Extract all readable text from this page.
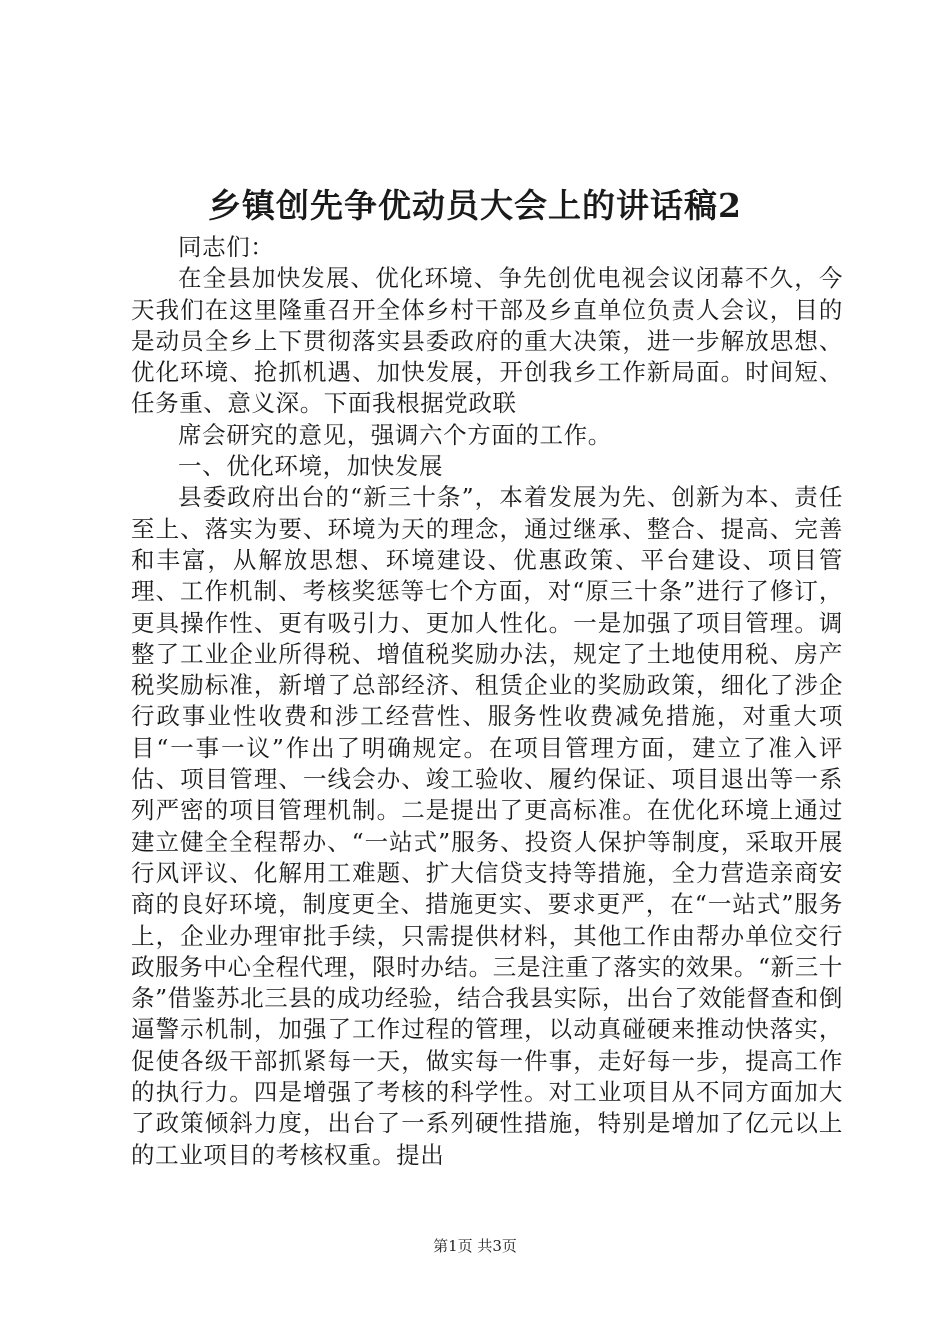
乡镇创先争优动员大会上的讲话稿2

同志们：

在全县加快发展、优化环境、争先创优电视会议闭幕不久，今天我们在这里隆重召开全体乡村干部及乡直单位负责人会议，目的是动员全乡上下贯彻落实县委政府的重大决策，进一步解放思想、优化环境、抢抓机遇、加快发展，开创我乡工作新局面。时间短、任务重、意义深。下面我根据党政联

席会研究的意见，强调六个方面的工作。

一、优化环境，加快发展

县委政府出台的“新三十条”，本着发展为先、创新为本、责任至上、落实为要、环境为天的理念，通过继承、整合、提高、完善和丰富，从解放思想、环境建设、优惠政策、平台建设、项目管理、工作机制、考核奖惩等七个方面，对“原三十条”进行了修订，更具操作性、更有吸引力、更加人性化。一是加强了项目管理。调整了工业企业所得税、增值税奖励办法，规定了土地使用税、房产税奖励标准，新增了总部经济、租赁企业的奖励政策，细化了涉企行政事业性收费和涉工经营性、服务性收费减免措施，对重大项目“一事一议”作出了明确规定。在项目管理方面，建立了准入评估、项目管理、一线会办、竣工验收、履约保证、项目退出等一系列严密的项目管理机制。二是提出了更高标准。在优化环境上通过建立健全全程帮办、“一站式”服务、投资人保护等制度，采取开展行风评议、化解用工难题、扩大信贷支持等措施，全力营造亲商安商的良好环境，制度更全、措施更实、要求更严，在“一站式”服务上，企业办理审批手续，只需提供材料，其他工作由帮办单位交行政服务中心全程代理，限时办结。三是注重了落实的效果。“新三十条”借鉴苏北三县的成功经验，结合我县实际，出台了效能督查和倒逼警示机制，加强了工作过程的管理，以动真碰硬来推动快落实，促使各级干部抓紧每一天，做实每一件事，走好每一步，提高工作的执行力。四是增强了考核的科学性。对工业项目从不同方面加大了政策倾斜力度，出台了一系列硬性措施，特别是增加了亿元以上的工业项目的考核权重。提出

第1页 共3页
